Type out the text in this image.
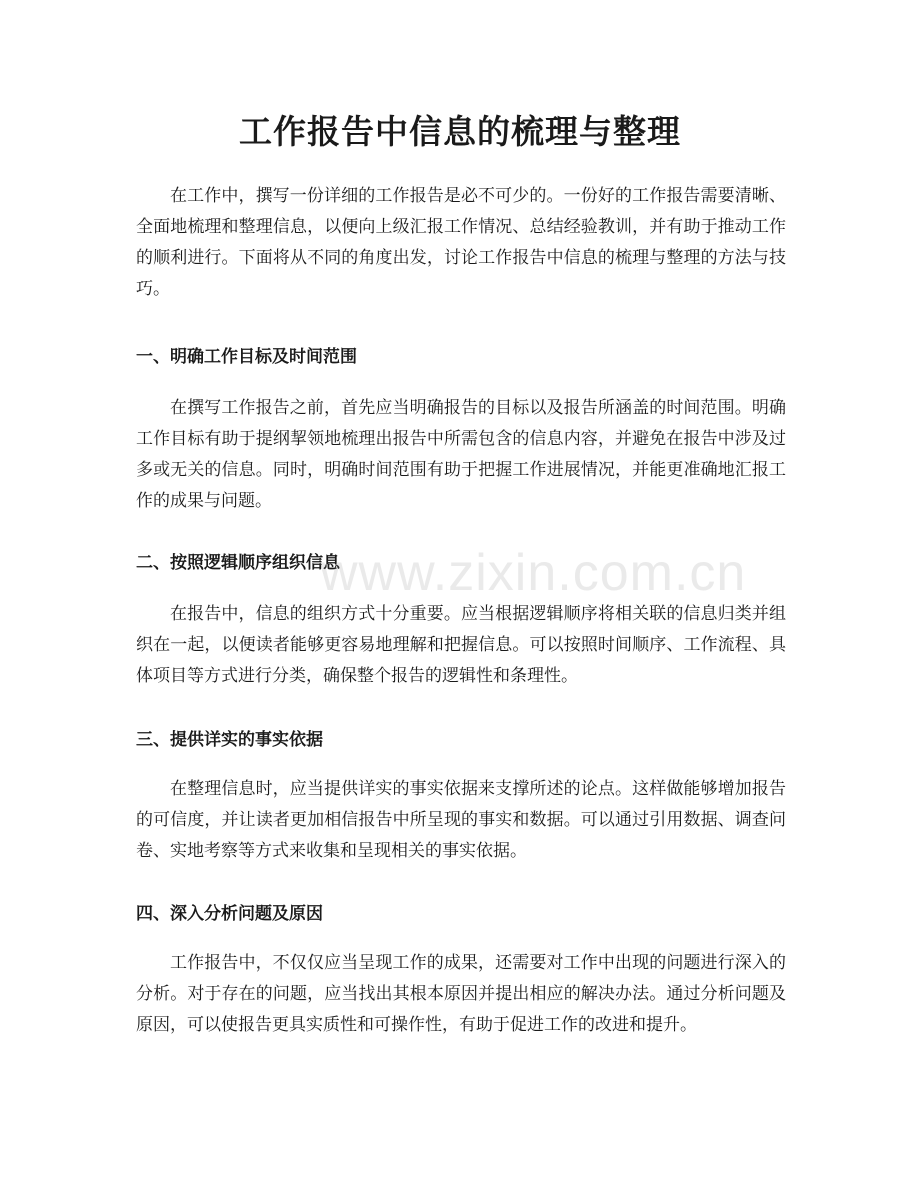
工作报告中信息的梳理与整理

在工作中，撰写一份详细的工作报告是必不可少的。一份好的工作报告需要清晰、全面地梳理和整理信息，以便向上级汇报工作情况、总结经验教训，并有助于推动工作的顺利进行。下面将从不同的角度出发，讨论工作报告中信息的梳理与整理的方法与技巧。

一、明确工作目标及时间范围

在撰写工作报告之前，首先应当明确报告的目标以及报告所涵盖的时间范围。明确工作目标有助于提纲挈领地梳理出报告中所需包含的信息内容，并避免在报告中涉及过多或无关的信息。同时，明确时间范围有助于把握工作进展情况，并能更准确地汇报工作的成果与问题。

二、按照逻辑顺序组织信息

在报告中，信息的组织方式十分重要。应当根据逻辑顺序将相关联的信息归类并组织在一起，以便读者能够更容易地理解和把握信息。可以按照时间顺序、工作流程、具体项目等方式进行分类，确保整个报告的逻辑性和条理性。

三、提供详实的事实依据

在整理信息时，应当提供详实的事实依据来支撑所述的论点。这样做能够增加报告的可信度，并让读者更加相信报告中所呈现的事实和数据。可以通过引用数据、调查问卷、实地考察等方式来收集和呈现相关的事实依据。

四、深入分析问题及原因

工作报告中，不仅仅应当呈现工作的成果，还需要对工作中出现的问题进行深入的分析。对于存在的问题，应当找出其根本原因并提出相应的解决办法。通过分析问题及原因，可以使报告更具实质性和可操作性，有助于促进工作的改进和提升。

www.zixin.com.cn
